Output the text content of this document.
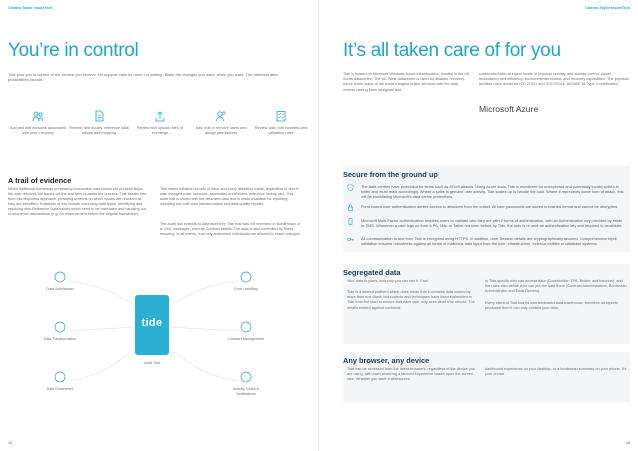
Charles Taylor InsureTech
You’re in control
Tide puts you in control of the service you receive. No support calls for rules, no waiting. Make the changes you want, when you want. The administration possibilities include:
Add and edit divisions associated with your company
Review, and modify, reference data values and mapping
Review and upload rates of exchange
Add, edit or remove users and assign permissions
Review, add, edit business and validation rules
A trail of evidence
When traditional bordereau processing encounters data issues the process stops, the user resolves the issues off-line and then re-starts the process. Tide breaks free from this disjointed approach, providing screens on which issues are resolved as they are identified. Examples of this include correcting data types, identifying and resolving new Reference Data values which need to be translated and handling out-of-sequence transactions (e.g. An endorsement before the original transaction).
Tide keeps detailed records of each and every alteration made, regardless of how it was changed (user overrode, automated enrichment, reference lookup etc). This audit trail is stored with the cleansed data and is made available for reporting, including pre-built data transformation and data quality reports.
The audit trail extends to data stored by Tide that was not received on Bordereaux or in XML messages, such as Contract details. The data is also controlled by Roles ensuring, in all events, that only authorised individuals are allowed to make changes.
tide
Data Submission
Data Transformation
Data Enrichment
Error Handling
Contract Management
Activity, Notes & Notifications
Audit Trail
14
Charles Taylor InsureTech
It’s all taken care of for you
Tide is hosted on Microsoft Windows Azure infrastructure, located in the UK South datacentre. The UK West datacentre is used for disaster recovery. Azure hosts many of the world’s largest online services with the data centres having been designed and
constructed with stringent levels of physical security and access control, power redundancy and efficiency, environmental control, and recovery capabilities. The physical facilities have achieved ISO 27001 and SOC/SSAE 16/ISAE 15 Type II certification.
Microsoft Azure
Secure from the ground up
The data centres have protection for items such as DDoS attacks. Using Azure tools, Tide is monitored for unexpected and potentially invalid spikes in traffic and must react accordingly. Where a spike is genuine user activity, Tide scales up to handle the load. Where it represents some form of attack, this will be blocklisting Microsoft’s data centre protections.
Form-based user authentication denies access to attackers from the outset. All user passwords are stored in hashed format and cannot be decrypted.
Microsoft Multi-Factor authentication requires users to validate who they are with 2 forms of authentication, with an Authentication key provided by email or SMS. Whenever a user logs on from a PC, Mac or Tablet not seen before by Tide, the user is re-sent an authentication key and required to revalidate.
All communication to and from Tide is encrypted using HTTPS. In addition, User Session details are cryptographically secured. Comprehensive input validation ensures robustness against all forms of malicious data input from the user, infrastructure, external entities or database systems.
Segregated data
Your data is yours, and only you can see it. Fact.
Tide is a shared platform which does mean that it contains data owned by more than one client, but controls and techniques have been embedded in Tide from the start to ensure that each user only sees what s/he should. The details embed against contracts
in Tide specify who can access data (Coverholder, TPA, Broker and Insurers), and the roles also define who can put the data there (Contract Administrators, Bordereau Administrator and Data Owners).
Every client of Tide has its own dedicated data warehouse, therefore all reports produced from it can only contain your data.
Any browser, any device
Tide can be accessed from the latest browsers, regardless of the device you are using, with each receiving a tailored experience based upon the screen size. Whether you want a widescreen
dashboard experience on your desktop, or a bordereau summary on your phone, it’s your choice.
15
